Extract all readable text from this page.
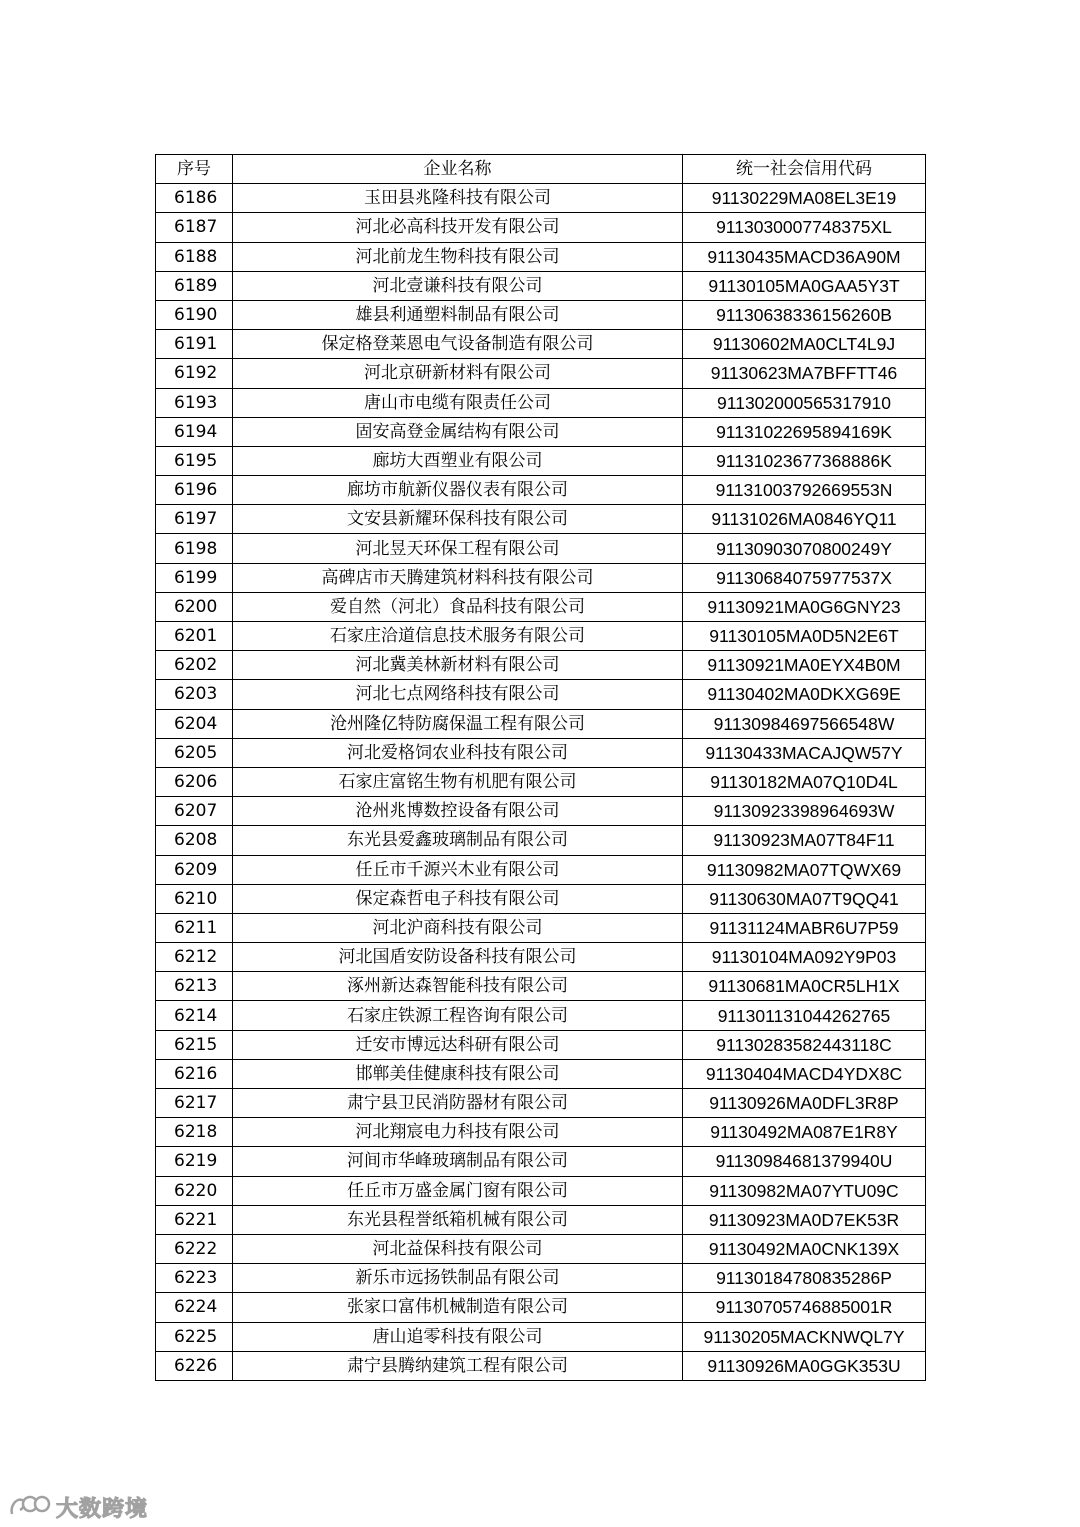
序号	企业名称	统一社会信用代码
6186	玉田县兆隆科技有限公司	91130229MA08EL3E19
6187	河北必高科技开发有限公司	9113030007748375XL
6188	河北前龙生物科技有限公司	91130435MACD36A90M
6189	河北壹谦科技有限公司	91130105MA0GAA5Y3T
6190	雄县利通塑料制品有限公司	91130638336156260B
6191	保定格登莱恩电气设备制造有限公司	91130602MA0CLT4L9J
6192	河北京研新材料有限公司	91130623MA7BFFTT46
6193	唐山市电缆有限责任公司	911302000565317910
6194	固安高登金属结构有限公司	91131022695894169K
6195	廊坊大酉塑业有限公司	91131023677368886K
6196	廊坊市航新仪器仪表有限公司	91131003792669553N
6197	文安县新耀环保科技有限公司	91131026MA0846YQ11
6198	河北昱天环保工程有限公司	91130903070800249Y
6199	高碑店市天腾建筑材料科技有限公司	91130684075977537X
6200	爱自然（河北）食品科技有限公司	91130921MA0G6GNY23
6201	石家庄洽道信息技术服务有限公司	91130105MA0D5N2E6T
6202	河北冀美林新材料有限公司	91130921MA0EYX4B0M
6203	河北七点网络科技有限公司	91130402MA0DKXG69E
6204	沧州隆亿特防腐保温工程有限公司	91130984697566548W
6205	河北爱格饲农业科技有限公司	91130433MACAJQW57Y
6206	石家庄富铭生物有机肥有限公司	91130182MA07Q10D4L
6207	沧州兆博数控设备有限公司	91130923398964693W
6208	东光县爱鑫玻璃制品有限公司	91130923MA07T84F11
6209	任丘市千源兴木业有限公司	91130982MA07TQWX69
6210	保定森哲电子科技有限公司	91130630MA07T9QQ41
6211	河北沪商科技有限公司	91131124MABR6U7P59
6212	河北国盾安防设备科技有限公司	91130104MA092Y9P03
6213	涿州新达森智能科技有限公司	91130681MA0CR5LH1X
6214	石家庄铁源工程咨询有限公司	911301131044262765
6215	迁安市博远达科研有限公司	91130283582443118C
6216	邯郸美佳健康科技有限公司	91130404MACD4YDX8C
6217	肃宁县卫民消防器材有限公司	91130926MA0DFL3R8P
6218	河北翔宸电力科技有限公司	91130492MA087E1R8Y
6219	河间市华峰玻璃制品有限公司	91130984681379940U
6220	任丘市万盛金属门窗有限公司	91130982MA07YTU09C
6221	东光县程誉纸箱机械有限公司	91130923MA0D7EK53R
6222	河北益保科技有限公司	91130492MA0CNK139X
6223	新乐市远扬铁制品有限公司	91130184780835286P
6224	张家口富伟机械制造有限公司	91130705746885001R
6225	唐山追零科技有限公司	91130205MACKNWQL7Y
6226	肃宁县腾纳建筑工程有限公司	91130926MA0GGK353U
大数跨境
